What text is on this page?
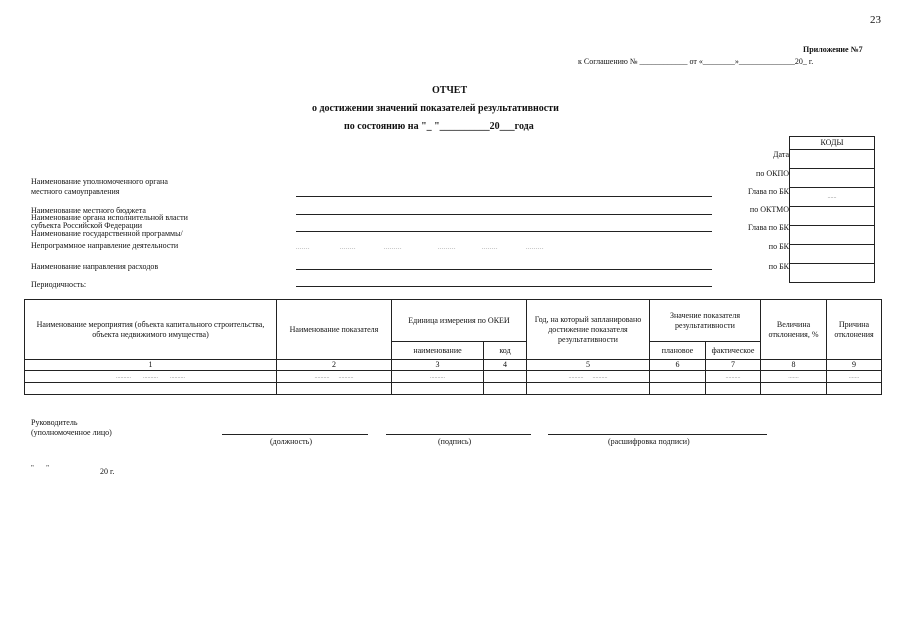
23
Приложение №7
к Соглашению № ____________ от «________»______________20_ г.
ОТЧЕТ
о достижении значений показателей результативности
по состоянию на "_ "__________20___года
КОДЫ
......
Дата
по ОКПО
Глава по БК
по ОКТМО
Глава по БК
по БК
по БК
Наименование уполномоченного органа
местного самоуправления
Наименование местного бюджета
Наименование органа исполнительной власти
субъекта Российской Федерации
Наименование государственной программы/
Непрограммное направление деятельности	.......               ........              .........                  .........             ........              .........
Наименование направления расходов
Периодичность:
Наименование мероприятия (объекта капитального строительства, объекта недвижимого имущества)	Наименование показателя	Единица измерения по ОКЕИ		Год, на который запланировано достижение показателя результативности	Значение показателя результативности		Величина отклонения, %	Причина отклонения
		наименование	код		плановое	фактическое		
1	2	3	4	5	6	7	8	9
..........        ..........        ..........	..........      ..........	..........		..........      ..........		..........	.......	.......

Руководитель
(уполномоченное лицо)
(должность)	(подпись)	(расшифровка подписи)
"       "	20 г.
